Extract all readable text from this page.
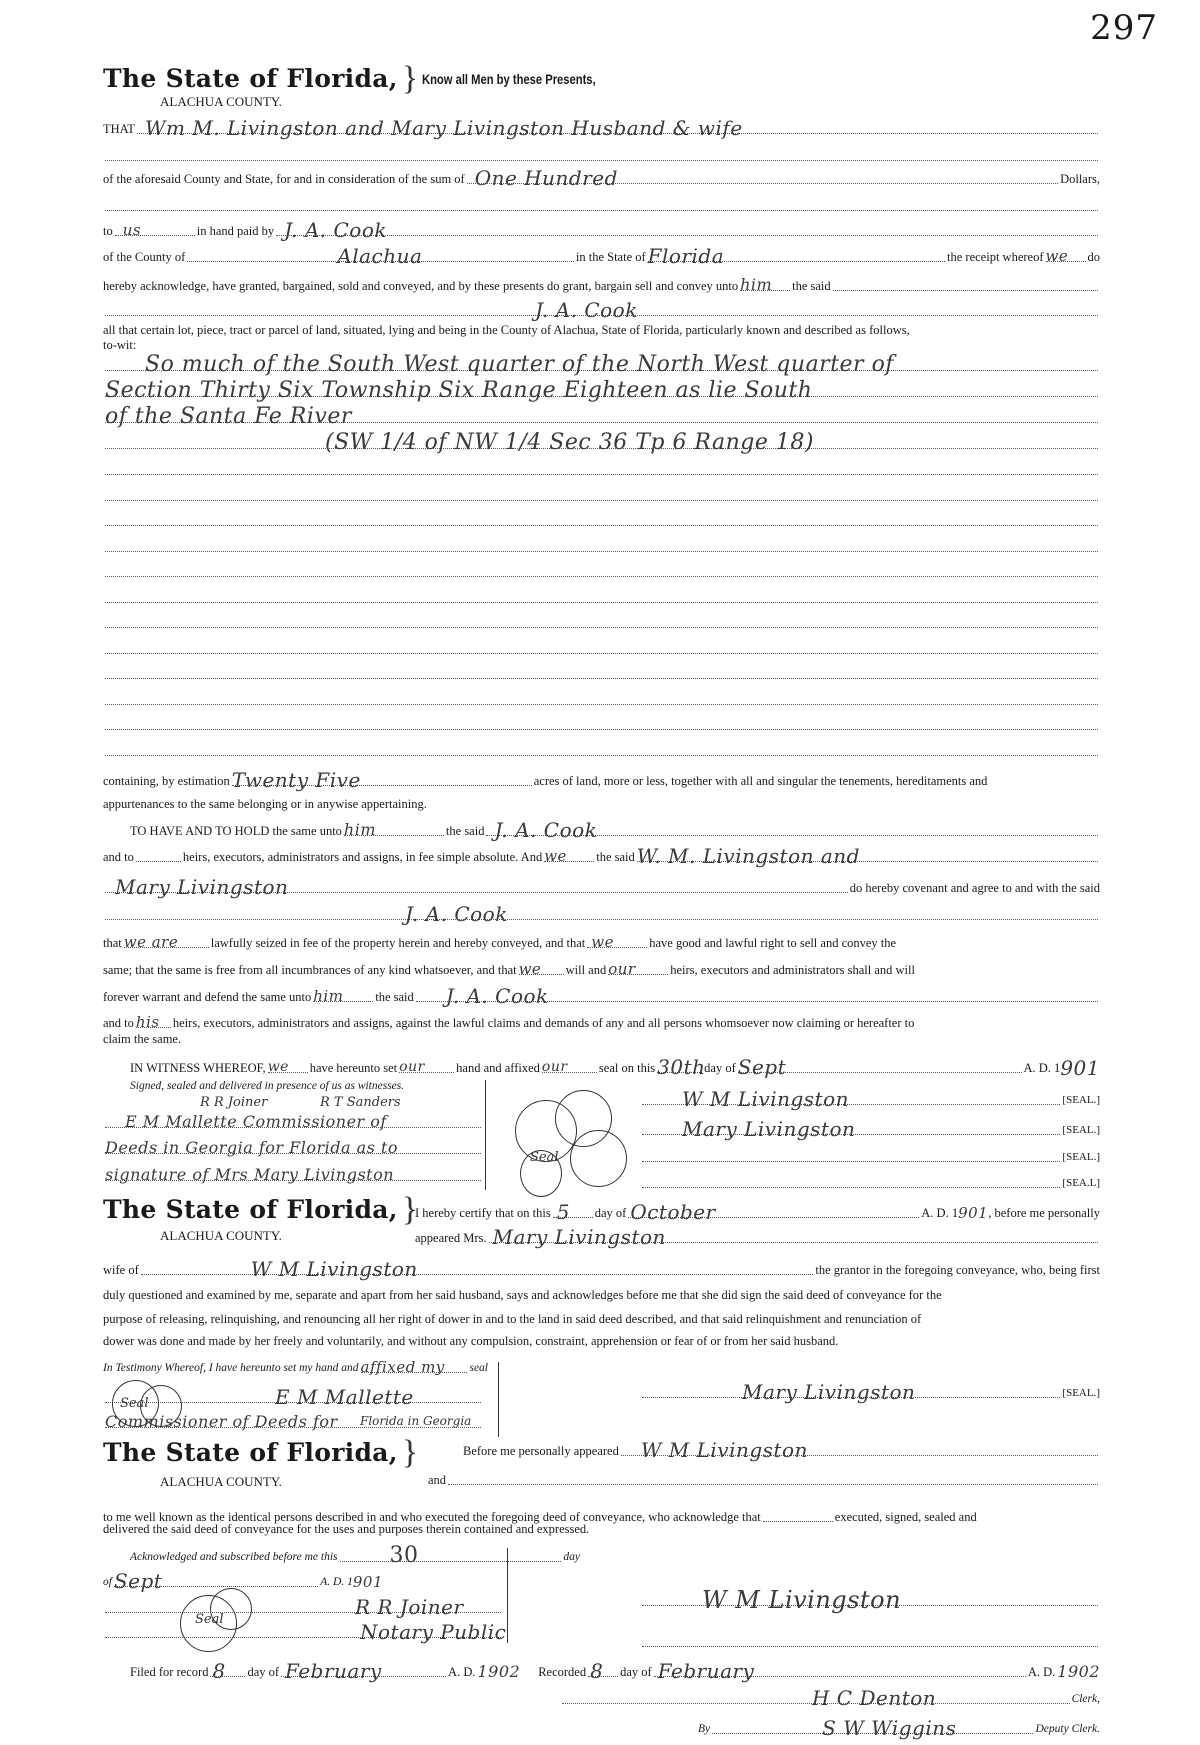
297
The State of Florida, } Know all Men by these Presents,
ALACHUA COUNTY.
THAT Wm M. Livingston and Mary Livingston Husband & wife
of the aforesaid County and State, for and in consideration of the sum of One Hundred	Dollars,
to us	in hand paid by J. A. Cook
of the County of	Alachua	in the State of Florida	the receipt whereof we do
hereby acknowledge, have granted, bargained, sold and conveyed, and by these presents do grant, bargain sell and convey unto him the said
J. A. Cook
all that certain lot, piece, tract or parcel of land, situated, lying and being in the County of Alachua, State of Florida, particularly known and described as follows,
to-wit:
So much of the South West quarter of the North West quarter of
Section Thirty Six Township Six Range Eighteen as lie South
of the Santa Fe River
(SW 1/4 of NW 1/4 Sec 36 Tp 6 Range 18)
containing, by estimation Twenty Five	acres of land, more or less, together with all and singular the tenements, hereditaments and
appurtenances to the same belonging or in anywise appertaining.
TO HAVE AND TO HOLD the same unto him	the said J. A. Cook
and to	heirs, executors, administrators and assigns, in fee simple absolute. And we the said W. M. Livingston and
Mary Livingston	do hereby covenant and agree to and with the said
J. A. Cook
that we are	lawfully seized in fee of the property herein and hereby conveyed, and that we	have good and lawful right to sell and convey the
same; that the same is free from all incumbrances of any kind whatsoever, and that we will and our	heirs, executors and administrators shall and will
forever warrant and defend the same unto him	the said J. A. Cook
and to his heirs, executors, administrators and assigns, against the lawful claims and demands of any and all persons whomsoever now claiming or hereafter to
claim the same.
IN WITNESS WHEREOF, we have hereunto set our	hand and affixed our	seal on this 30th
day of Sept	A. D. 1 901
Signed, sealed and delivered in presence of us as witnesses.
R R Joiner	R T Sanders
E M Mallette Commissioner of
Deeds in Georgia for Florida as to
signature of Mrs Mary Livingston
Seal
W M Livingston	[SEAL.]
Mary Livingston	[SEAL.]
[SEAL.]
[SEA.L]
The State of Florida, }
ALACHUA COUNTY.
I hereby certify that on this 5 day of October	A. D. 1 901 , before me personally
appeared Mrs. Mary Livingston
wife of	W M Livingston	the grantor in the foregoing conveyance, who, being first
duly questioned and examined by me, separate and apart from her said husband, says and acknowledges before me that she did sign the said deed of conveyance for the
purpose of releasing, relinquishing, and renouncing all her right of dower in and to the land in said deed described, and that said relinquishment and renunciation of
dower was done and made by her freely and voluntarily, and without any compulsion, constraint, apprehension or fear of or from her said husband.
In Testimony Whereof, I have hereunto set my hand and affixed my seal
E M Mallette
Commissioner of Deeds for Florida in Georgia
Seal	Mary Livingston	[SEAL.]
The State of Florida, }
ALACHUA COUNTY.
Before me personally appeared W M Livingston
and
to me well known as the identical persons described in and who executed the foregoing deed of conveyance, who acknowledge that	executed, signed, sealed and
delivered the said deed of conveyance for the uses and purposes therein contained and expressed.
Acknowledged and subscribed before me this 30	day
of Sept	A. D. 1 901
R R Joiner
Notary Public
Seal
W M Livingston
Filed for record 8 day of February	A. D. 1902 Recorded 8 day of February	A. D. 1902
H C Denton	Clerk,
By	S W Wiggins	Deputy Clerk.
